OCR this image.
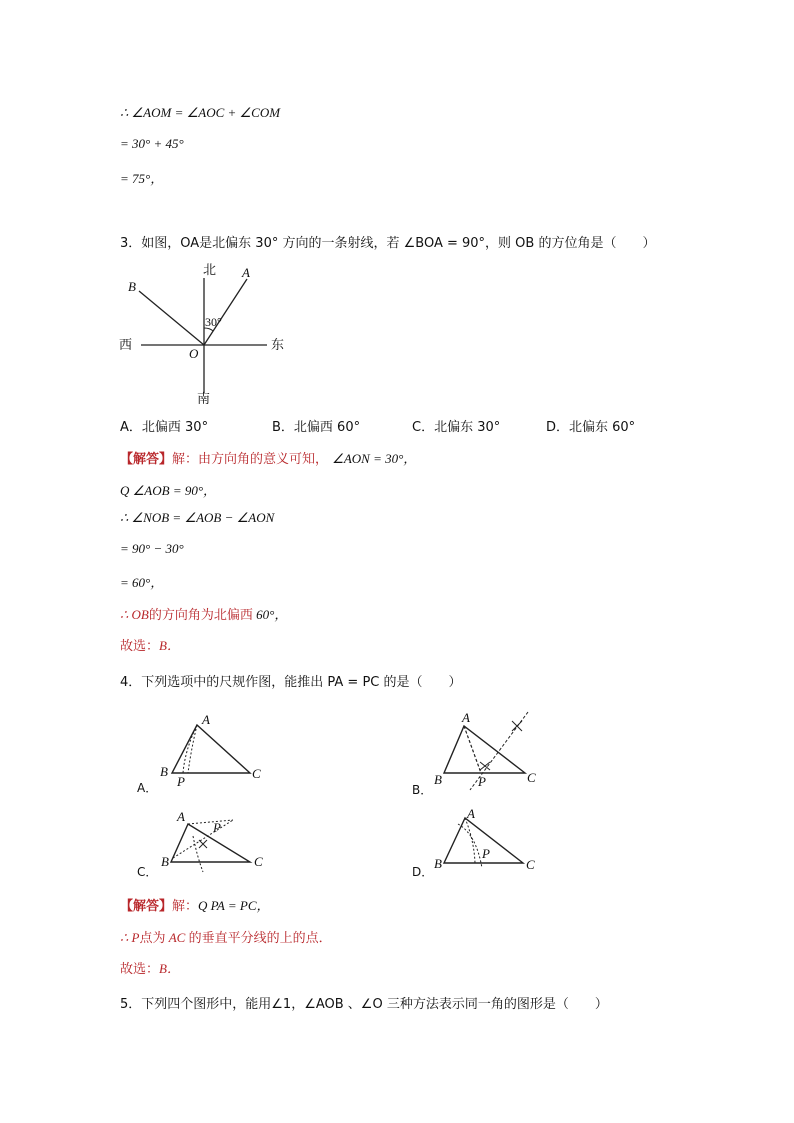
∴ ∠AOM = ∠AOC + ∠COM
= 30° + 45°
= 75°，
3．如图，OA是北偏东 30° 方向的一条射线，若 ∠BOA = 90°，则 OB 的方位角是（　　）
北
南
西	东
A
B
O
30°
A．北偏西 30°	B．北偏西 60°	C．北偏东 30°	D．北偏东 60°
【解答】解：由方向角的意义可知， ∠AON = 30°，
Q ∠AOB = 90°，
∴ ∠NOB = ∠AOB − ∠AON
= 90° − 30°
= 60°，
∴ OB的方向角为北偏西 60°，
故选：B．
4．下列选项中的尺规作图，能推出 PA = PC 的是（　　）
A．
A
B	C
P
B．
A
B	C
P
C．
A
B	C
P
D．
A
B	C
P
【解答】解：Q PA = PC，
∴ P点为 AC 的垂直平分线的上的点．
故选：B．
5．下列四个图形中，能用∠1，∠AOB 、∠O 三种方法表示同一角的图形是（　　）
